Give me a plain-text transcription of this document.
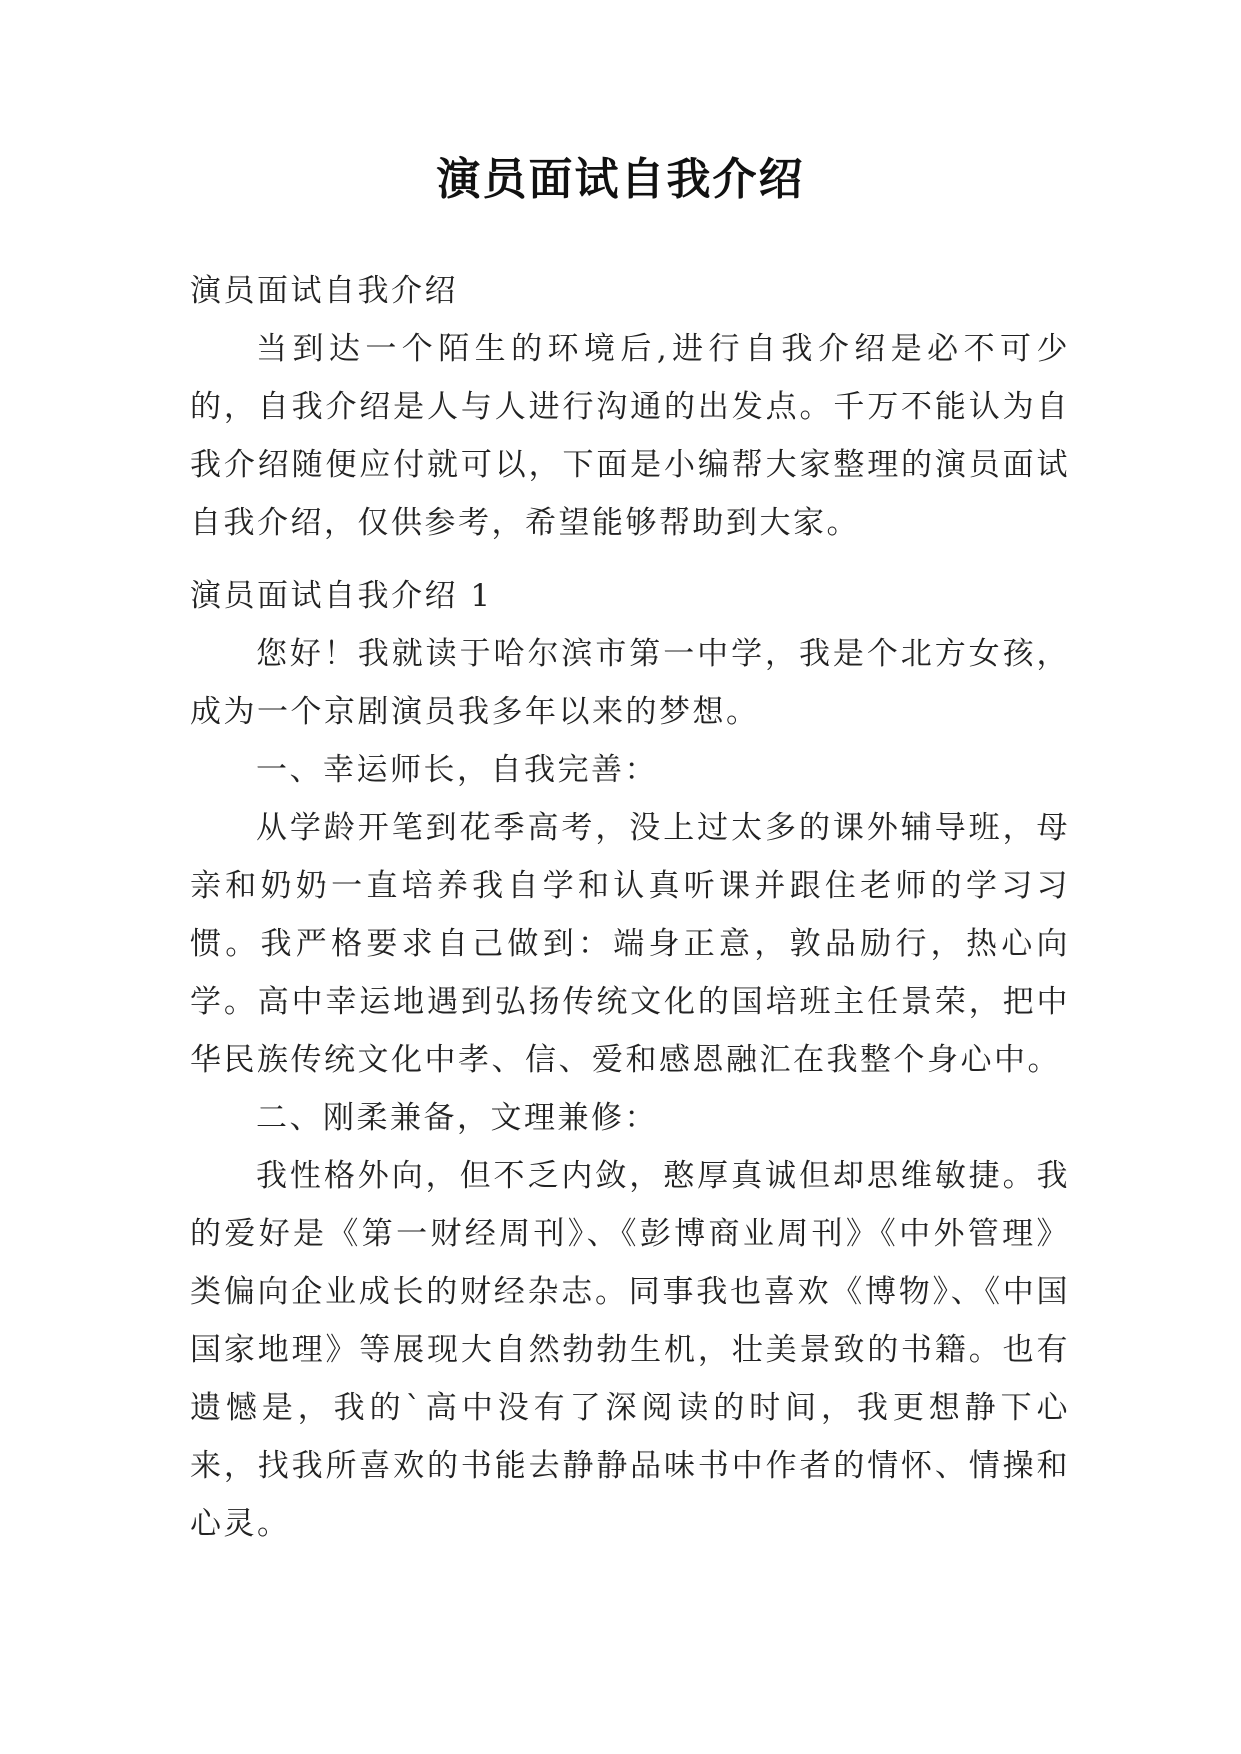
演员面试自我介绍

演员面试自我介绍

当到达一个陌生的环境后,进行自我介绍是必不可少的，自我介绍是人与人进行沟通的出发点。千万不能认为自我介绍随便应付就可以，下面是小编帮大家整理的演员面试自我介绍，仅供参考，希望能够帮助到大家。

演员面试自我介绍 1

您好！我就读于哈尔滨市第一中学，我是个北方女孩，成为一个京剧演员我多年以来的梦想。

一、幸运师长，自我完善：

从学龄开笔到花季高考，没上过太多的课外辅导班，母亲和奶奶一直培养我自学和认真听课并跟住老师的学习习惯。我严格要求自己做到：端身正意，敦品励行，热心向学。高中幸运地遇到弘扬传统文化的国培班主任景荣，把中华民族传统文化中孝、信、爱和感恩融汇在我整个身心中。

二、刚柔兼备，文理兼修：

我性格外向，但不乏内敛，憨厚真诚但却思维敏捷。我的爱好是《第一财经周刊》、《彭博商业周刊》《中外管理》类偏向企业成长的财经杂志。同事我也喜欢《博物》、《中国国家地理》等展现大自然勃勃生机，壮美景致的书籍。也有遗憾是，我的`高中没有了深阅读的时间，我更想静下心来，找我所喜欢的书能去静静品味书中作者的情怀、情操和心灵。
